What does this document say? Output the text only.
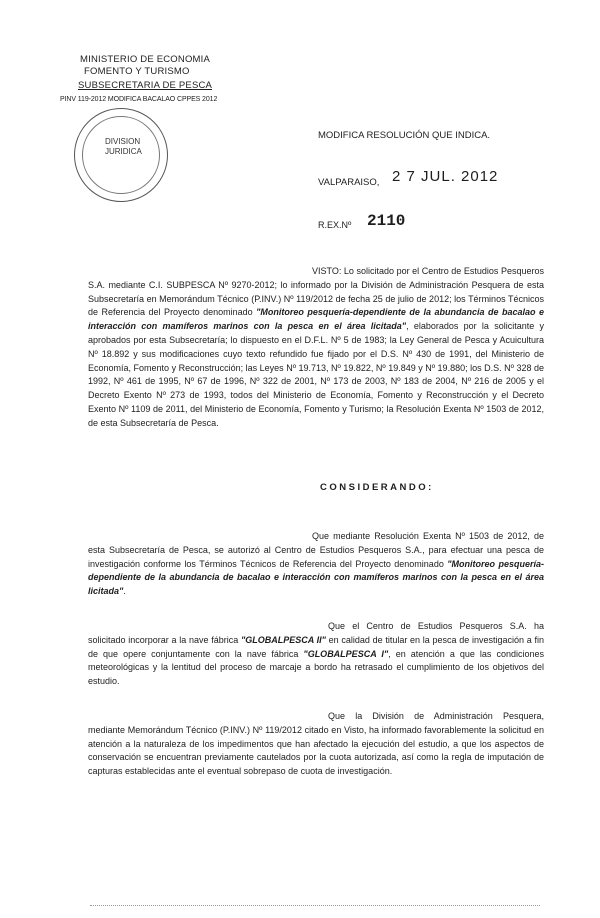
MINISTERIO DE ECONOMIA
FOMENTO Y TURISMO
SUBSECRETARIA DE PESCA
PINV 119-2012 MODIFICA BACALAO CPPES 2012
DIVISION
JURIDICA
MODIFICA RESOLUCIÓN QUE INDICA.
VALPARAISO, 2 7 JUL. 2012
R.EX.Nº 2110

VISTO: Lo solicitado por el Centro de Estudios Pesqueros S.A. mediante C.I. SUBPESCA Nº 9270-2012; lo informado por la División de Administración Pesquera de esta Subsecretaría en Memorándum Técnico (P.INV.) Nº 119/2012 de fecha 25 de julio de 2012; los Términos Técnicos de Referencia del Proyecto denominado "Monitoreo pesquería-dependiente de la abundancia de bacalao e interacción con mamíferos marinos con la pesca en el área licitada", elaborados por la solicitante y aprobados por esta Subsecretaría; lo dispuesto en el D.F.L. Nº 5 de 1983; la Ley General de Pesca y Acuicultura Nº 18.892 y sus modificaciones cuyo texto refundido fue fijado por el D.S. Nº 430 de 1991, del Ministerio de Economía, Fomento y Reconstrucción; las Leyes Nº 19.713, Nº 19.822, Nº 19.849 y Nº 19.880; los D.S. Nº 328 de 1992, Nº 461 de 1995, Nº 67 de 1996, Nº 322 de 2001, Nº 173 de 2003, Nº 183 de 2004, Nº 216 de 2005 y el Decreto Exento Nº 273 de 1993, todos del Ministerio de Economía, Fomento y Reconstrucción y el Decreto Exento Nº 1109 de 2011, del Ministerio de Economía, Fomento y Turismo; la Resolución Exenta Nº 1503 de 2012, de esta Subsecretaría de Pesca.

CONSIDERANDO:

Que mediante Resolución Exenta Nº 1503 de 2012, de esta Subsecretaría de Pesca, se autorizó al Centro de Estudios Pesqueros S.A., para efectuar una pesca de investigación conforme los Términos Técnicos de Referencia del Proyecto denominado "Monitoreo pesquería-dependiente de la abundancia de bacalao e interacción con mamíferos marinos con la pesca en el área licitada".

Que el Centro de Estudios Pesqueros S.A. ha solicitado incorporar a la nave fábrica "GLOBALPESCA II" en calidad de titular en la pesca de investigación a fin de que opere conjuntamente con la nave fábrica "GLOBALPESCA I", en atención a que las condiciones meteorológicas y la lentitud del proceso de marcaje a bordo ha retrasado el cumplimiento de los objetivos del estudio.

Que la División de Administración Pesquera, mediante Memorándum Técnico (P.INV.) Nº 119/2012 citado en Visto, ha informado favorablemente la solicitud en atención a la naturaleza de los impedimentos que han afectado la ejecución del estudio, a que los aspectos de conservación se encuentran previamente cautelados por la cuota autorizada, así como la regla de imputación de capturas establecidas ante el eventual sobrepaso de cuota de investigación.
